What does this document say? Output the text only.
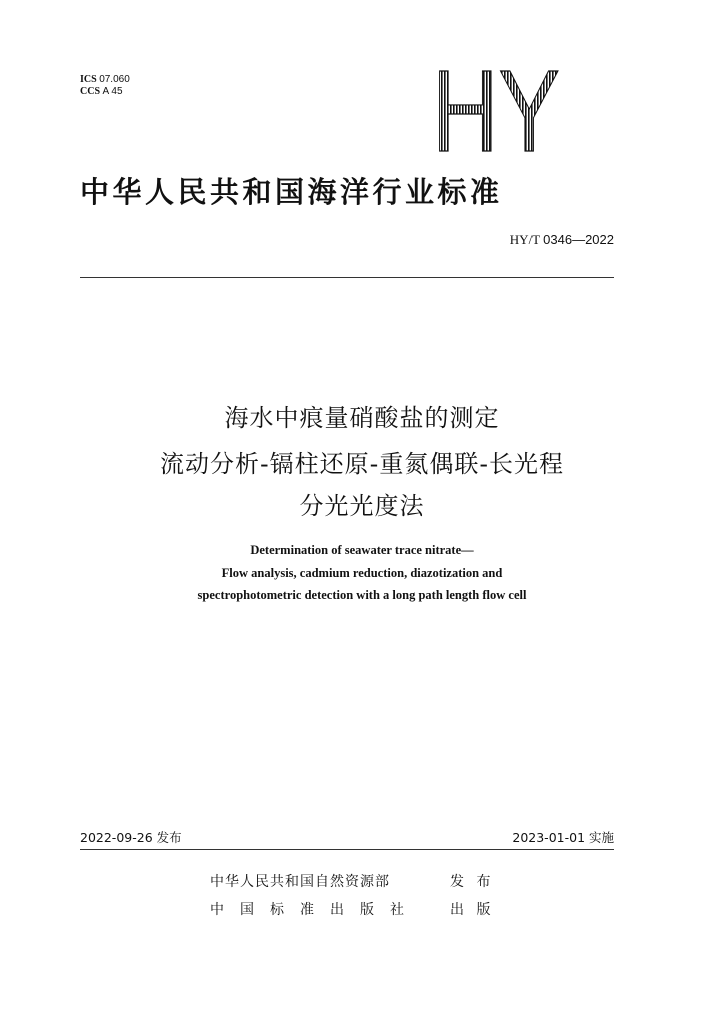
ICS 07.060
CCS A 45	HY
中华人民共和国海洋行业标准
HY/T 0346—2022
海水中痕量硝酸盐的测定
流动分析-镉柱还原-重氮偶联-长光程
分光光度法
Determination of seawater trace nitrate—
Flow analysis, cadmium reduction, diazotization and
spectrophotometric detection with a long path length flow cell
2022-09-26 发布	2023-01-01 实施
中华人民共和国自然资源部	发 布
中国标准出版社 出 版
